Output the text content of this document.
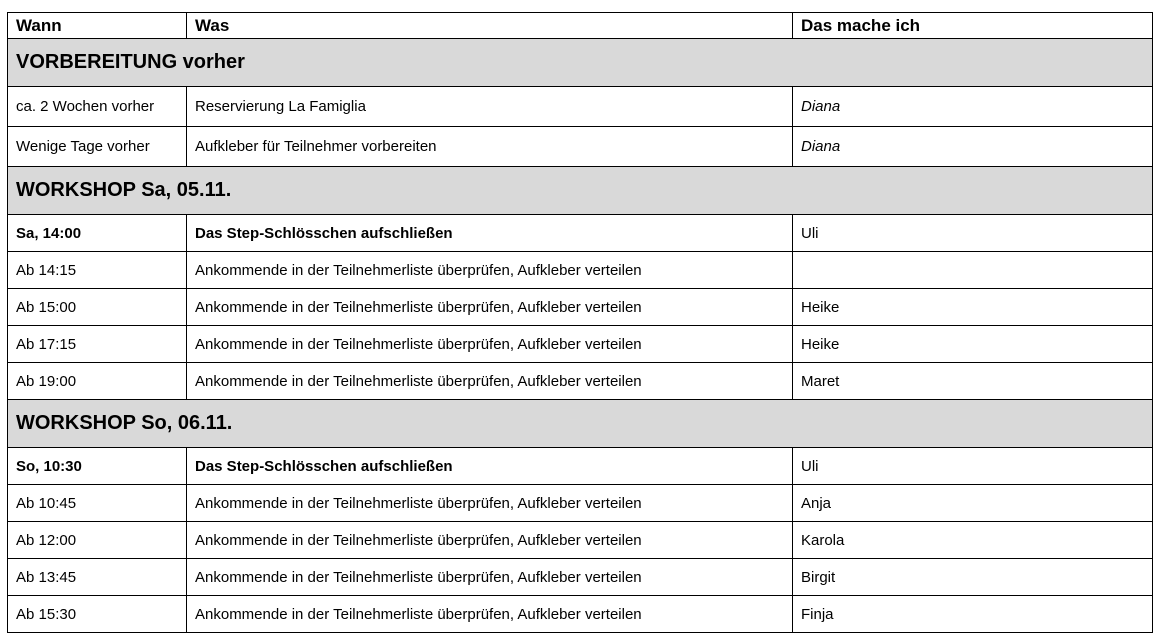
Wann	Was	Das mache ich
VORBEREITUNG vorher		
ca. 2 Wochen vorher	Reservierung La Famiglia	Diana
Wenige Tage vorher	Aufkleber für Teilnehmer vorbereiten	Diana
WORKSHOP Sa, 05.11.		
Sa, 14:00	Das Step-Schlösschen aufschließen	Uli
Ab 14:15	Ankommende in der Teilnehmerliste überprüfen, Aufkleber verteilen	
Ab 15:00	Ankommende in der Teilnehmerliste überprüfen, Aufkleber verteilen	Heike
Ab 17:15	Ankommende in der Teilnehmerliste überprüfen, Aufkleber verteilen	Heike
Ab 19:00	Ankommende in der Teilnehmerliste überprüfen, Aufkleber verteilen	Maret
WORKSHOP So, 06.11.		
So, 10:30	Das Step-Schlösschen aufschließen	Uli
Ab 10:45	Ankommende in der Teilnehmerliste überprüfen, Aufkleber verteilen	Anja
Ab 12:00	Ankommende in der Teilnehmerliste überprüfen, Aufkleber verteilen	Karola
Ab 13:45	Ankommende in der Teilnehmerliste überprüfen, Aufkleber verteilen	Birgit
Ab 15:30	Ankommende in der Teilnehmerliste überprüfen, Aufkleber verteilen	Finja
